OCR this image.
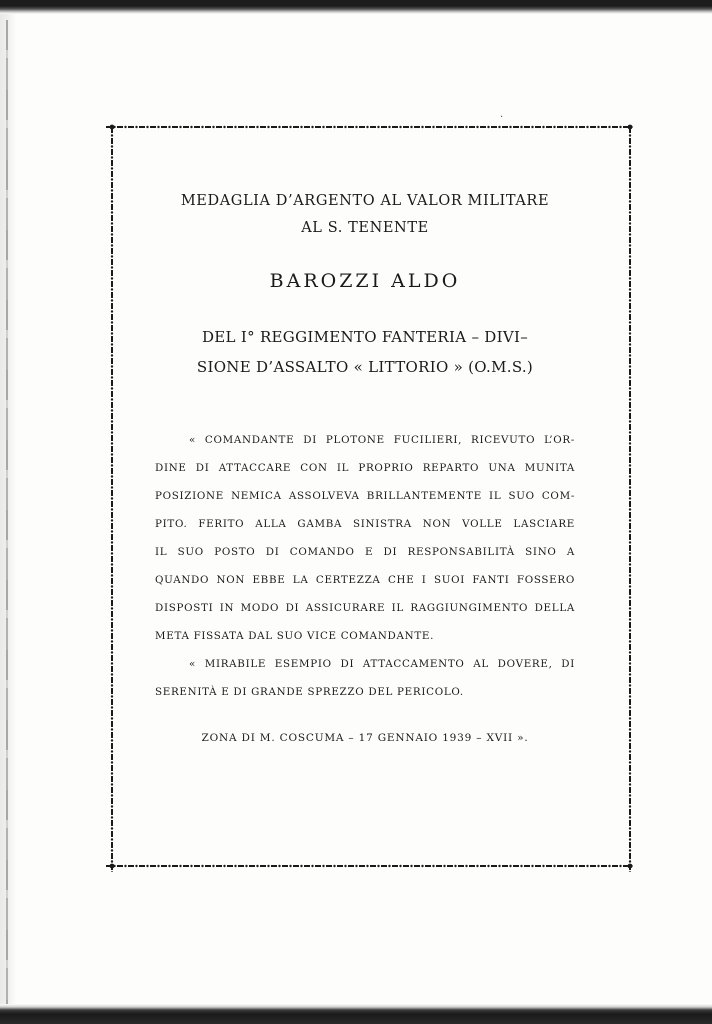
·

MEDAGLIA D’ARGENTO AL VALOR MILITARE
AL S. TENENTE

BAROZZI ALDO

DEL I° REGGIMENTO FANTERIA – DIVI–
SIONE D’ASSALTO « LITTORIO » (O.M.S.)
« COMANDANTE DI PLOTONE FUCILIERI, RICEVUTO L’OR-
DINE DI ATTACCARE CON IL PROPRIO REPARTO UNA MUNITA
POSIZIONE NEMICA ASSOLVEVA BRILLANTEMENTE IL SUO COM-
PITO. FERITO ALLA GAMBA SINISTRA NON VOLLE LASCIARE
IL SUO POSTO DI COMANDO E DI RESPONSABILITÀ SINO A
QUANDO NON EBBE LA CERTEZZA CHE I SUOI FANTI FOSSERO
DISPOSTI IN MODO DI ASSICURARE IL RAGGIUNGIMENTO DELLA
META FISSATA DAL SUO VICE COMANDANTE.
« MIRABILE ESEMPIO DI ATTACCAMENTO AL DOVERE, DI
SERENITÀ E DI GRANDE SPREZZO DEL PERICOLO.
ZONA DI M. COSCUMA – 17 GENNAIO 1939 – XVII ».
